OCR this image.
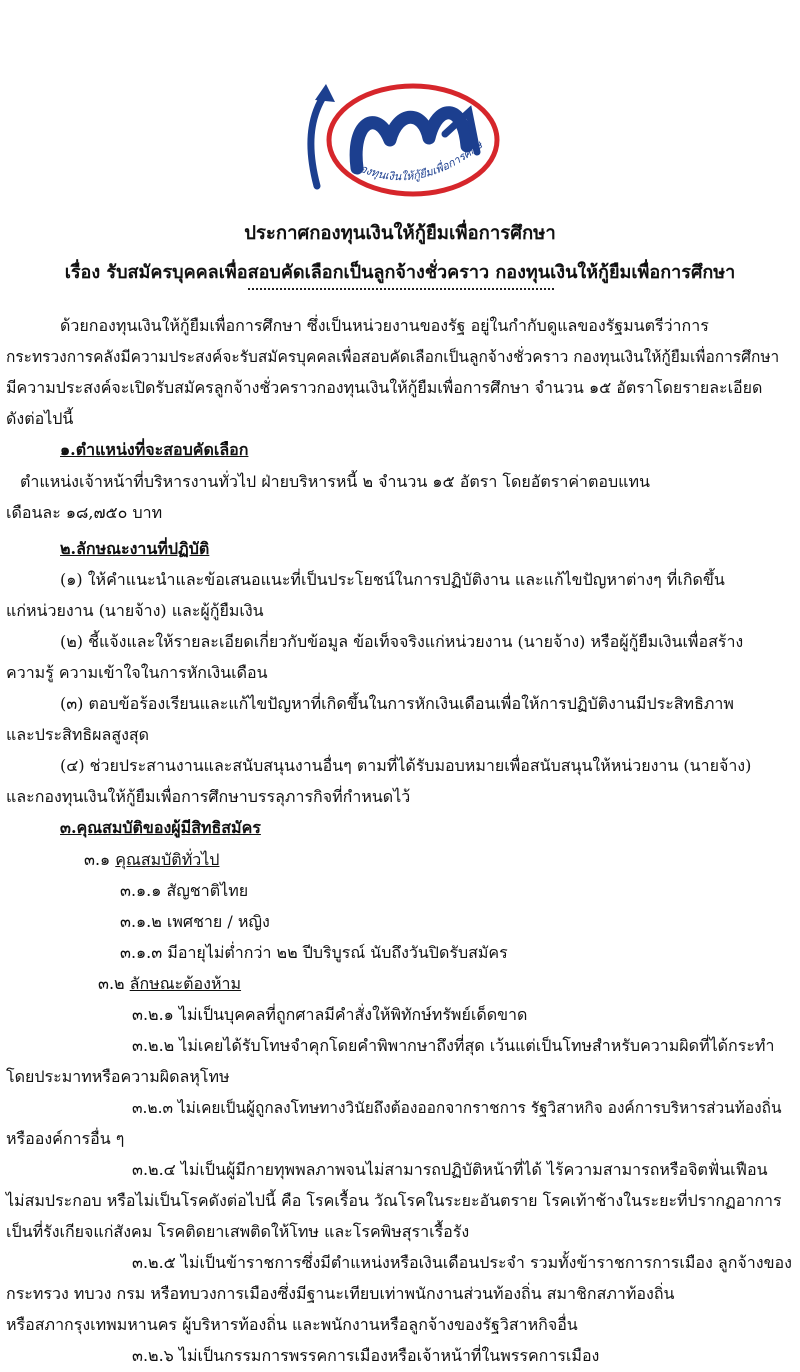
กองทุนเงินให้กู้ยืมเพื่อการศึกษ
ประกาศกองทุนเงินให้กู้ยืมเพื่อการศึกษา
เรื่อง รับสมัครบุคคลเพื่อสอบคัดเลือกเป็นลูกจ้างชั่วคราว กองทุนเงินให้กู้ยืมเพื่อการศึกษา
ด้วยกองทุนเงินให้กู้ยืมเพื่อการศึกษา ซึ่งเป็นหน่วยงานของรัฐ อยู่ในกำกับดูแลของรัฐมนตรีว่าการ
กระทรวงการคลังมีความประสงค์จะรับสมัครบุคคลเพื่อสอบคัดเลือกเป็นลูกจ้างชั่วคราว กองทุนเงินให้กู้ยืมเพื่อการศึกษา
มีความประสงค์จะเปิดรับสมัครลูกจ้างชั่วคราวกองทุนเงินให้กู้ยืมเพื่อการศึกษา จำนวน ๑๕ อัตราโดยรายละเอียด
ดังต่อไปนี้
๑.ตำแหน่งที่จะสอบคัดเลือก
ตำแหน่งเจ้าหน้าที่บริหารงานทั่วไป ฝ่ายบริหารหนี้ ๒ จำนวน ๑๕ อัตรา โดยอัตราค่าตอบแทน
เดือนละ ๑๘,๗๕๐ บาท
๒.ลักษณะงานที่ปฏิบัติ
(๑) ให้คำแนะนำและข้อเสนอแนะที่เป็นประโยชน์ในการปฏิบัติงาน และแก้ไขปัญหาต่างๆ ที่เกิดขึ้น
แก่หน่วยงาน (นายจ้าง) และผู้กู้ยืมเงิน
(๒) ชี้แจ้งและให้รายละเอียดเกี่ยวกับข้อมูล ข้อเท็จจริงแก่หน่วยงาน (นายจ้าง) หรือผู้กู้ยืมเงินเพื่อสร้าง
ความรู้ ความเข้าใจในการหักเงินเดือน
(๓) ตอบข้อร้องเรียนและแก้ไขปัญหาที่เกิดขึ้นในการหักเงินเดือนเพื่อให้การปฏิบัติงานมีประสิทธิภาพ
และประสิทธิผลสูงสุด
(๔) ช่วยประสานงานและสนับสนุนงานอื่นๆ ตามที่ได้รับมอบหมายเพื่อสนับสนุนให้หน่วยงาน (นายจ้าง)
และกองทุนเงินให้กู้ยืมเพื่อการศึกษาบรรลุภารกิจที่กำหนดไว้
๓.คุณสมบัติของผู้มีสิทธิสมัคร
๓.๑ คุณสมบัติทั่วไป
๓.๑.๑ สัญชาติไทย
๓.๑.๒ เพศชาย / หญิง
๓.๑.๓ มีอายุไม่ต่ำกว่า ๒๒ ปีบริบูรณ์ นับถึงวันปิดรับสมัคร
๓.๒ ลักษณะต้องห้าม
๓.๒.๑ ไม่เป็นบุคคลที่ถูกศาลมีคำสั่งให้พิทักษ์ทรัพย์เด็ดขาด
๓.๒.๒ ไม่เคยได้รับโทษจำคุกโดยคำพิพากษาถึงที่สุด เว้นแต่เป็นโทษสำหรับความผิดที่ได้กระทำ
โดยประมาทหรือความผิดลหุโทษ
๓.๒.๓ ไม่เคยเป็นผู้ถูกลงโทษทางวินัยถึงต้องออกจากราชการ รัฐวิสาหกิจ องค์การบริหารส่วนท้องถิ่น
หรือองค์การอื่น ๆ
๓.๒.๔ ไม่เป็นผู้มีกายทุพพลภาพจนไม่สามารถปฏิบัติหน้าที่ได้ ไร้ความสามารถหรือจิตฟั่นเฟือน
ไม่สมประกอบ หรือไม่เป็นโรคดังต่อไปนี้ คือ โรคเรื้อน วัณโรคในระยะอันตราย โรคเท้าช้างในระยะที่ปรากฏอาการ
เป็นที่รังเกียจแก่สังคม โรคติดยาเสพติดให้โทษ และโรคพิษสุราเรื้อรัง
๓.๒.๕ ไม่เป็นข้าราชการซึ่งมีตำแหน่งหรือเงินเดือนประจำ รวมทั้งข้าราชการการเมือง ลูกจ้างของ
กระทรวง ทบวง กรม หรือทบวงการเมืองซึ่งมีฐานะเทียบเท่าพนักงานส่วนท้องถิ่น สมาชิกสภาท้องถิ่น
หรือสภากรุงเทพมหานคร ผู้บริหารท้องถิ่น และพนักงานหรือลูกจ้างของรัฐวิสาหกิจอื่น
๓.๒.๖ ไม่เป็นกรรมการพรรคการเมืองหรือเจ้าหน้าที่ในพรรคการเมือง
